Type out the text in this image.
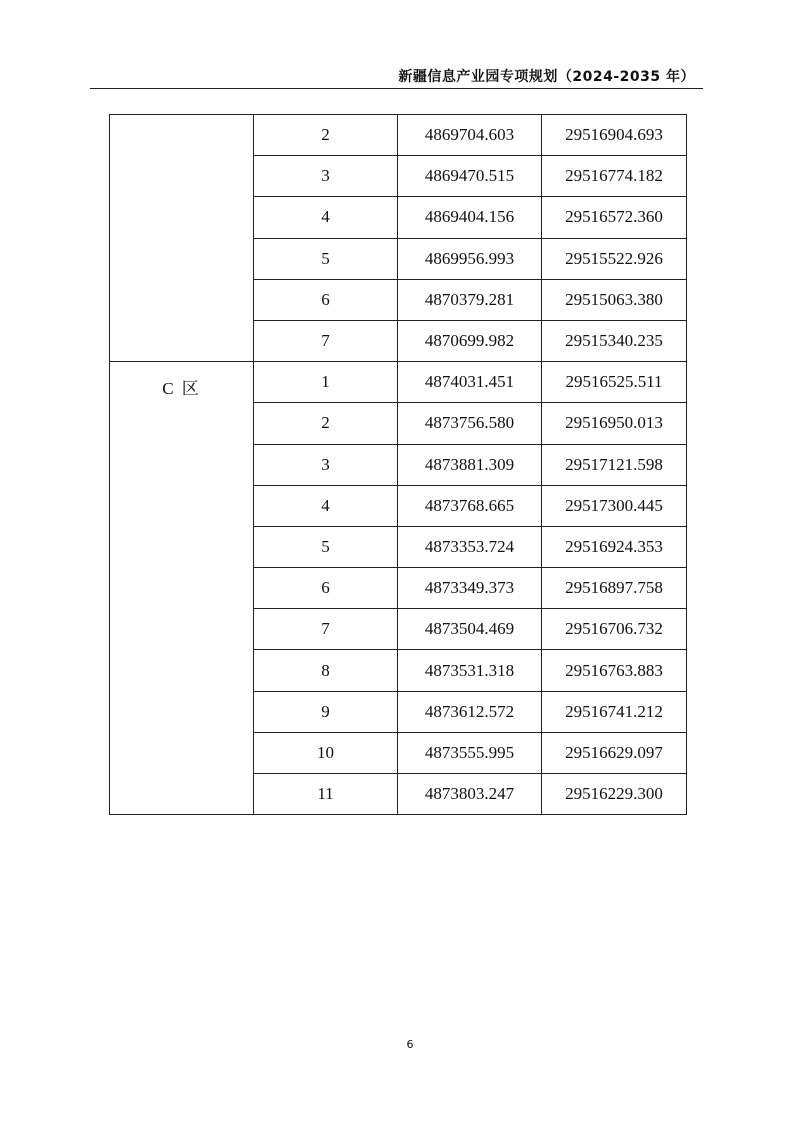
新疆信息产业园专项规划（2024-2035 年）
	2	4869704.603	29516904.693
	3	4869470.515	29516774.182
	4	4869404.156	29516572.360
	5	4869956.993	29515522.926
	6	4870379.281	29515063.380
	7	4870699.982	29515340.235
C 区	1	4874031.451	29516525.511
	2	4873756.580	29516950.013
	3	4873881.309	29517121.598
	4	4873768.665	29517300.445
	5	4873353.724	29516924.353
	6	4873349.373	29516897.758
	7	4873504.469	29516706.732
	8	4873531.318	29516763.883
	9	4873612.572	29516741.212
	10	4873555.995	29516629.097
	11	4873803.247	29516229.300
6
